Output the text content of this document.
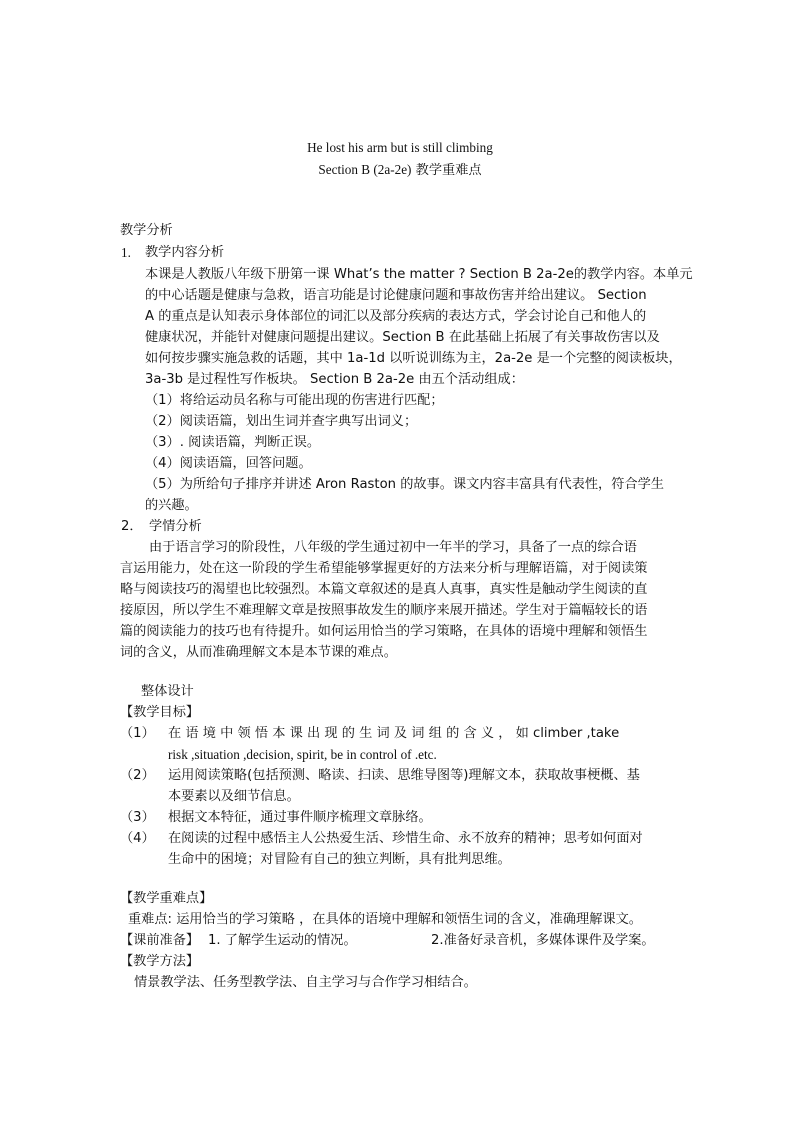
He lost his arm but is still climbing
Section B (2a-2e) 教学重难点
教学分析
1. 教学内容分析
本课是人教版八年级下册第一课 What’s the matter ? Section B 2a-2e的教学内容。本单元
的中心话题是健康与急救，语言功能是讨论健康问题和事故伤害并给出建议。 Section
A 的重点是认知表示身体部位的词汇以及部分疾病的表达方式，学会讨论自己和他人的
健康状况，并能针对健康问题提出建议。Section B 在此基础上拓展了有关事故伤害以及
如何按步骤实施急救的话题，其中 1a-1d 以听说训练为主，2a-2e 是一个完整的阅读板块，
3a-3b 是过程性写作板块。 Section B 2a-2e 由五个活动组成：
（1）将给运动员名称与可能出现的伤害进行匹配；
（2）阅读语篇，划出生词并查字典写出词义；
（3）. 阅读语篇，判断正误。
（4）阅读语篇，回答问题。
（5）为所给句子排序并讲述 Aron Raston 的故事。课文内容丰富具有代表性，符合学生
的兴趣。
2． 学情分析
由于语言学习的阶段性，八年级的学生通过初中一年半的学习，具备了一点的综合语
言运用能力，处在这一阶段的学生希望能够掌握更好的方法来分析与理解语篇，对于阅读策
略与阅读技巧的渴望也比较强烈。本篇文章叙述的是真人真事，真实性是触动学生阅读的直
接原因，所以学生不难理解文章是按照事故发生的顺序来展开描述。学生对于篇幅较长的语
篇的阅读能力的技巧也有待提升。如何运用恰当的学习策略，在具体的语境中理解和领悟生
词的含义，从而准确理解文本是本节课的难点。
整体设计
【教学目标】
（1） 在 语 境 中 领 悟 本 课 出 现 的 生 词 及 词 组 的 含 义 ， 如 climber ,take
risk ,situation ,decision, spirit, be in control of .etc.
（2） 运用阅读策略(包括预测、略读、扫读、思维导图等)理解文本，获取故事梗概、基
本要素以及细节信息。
（3） 根据文本特征，通过事件顺序梳理文章脉络。
（4） 在阅读的过程中感悟主人公热爱生活、珍惜生命、永不放弃的精神；思考如何面对
生命中的困境；对冒险有自己的独立判断，具有批判思维。
【教学重难点】
重难点: 运用恰当的学习策略 ，在具体的语境中理解和领悟生词的含义，准确理解课文。
【课前准备】 1. 了解学生运动的情况。	2.准备好录音机，多媒体课件及学案。
【教学方法】
情景教学法、任务型教学法、自主学习与合作学习相结合。
